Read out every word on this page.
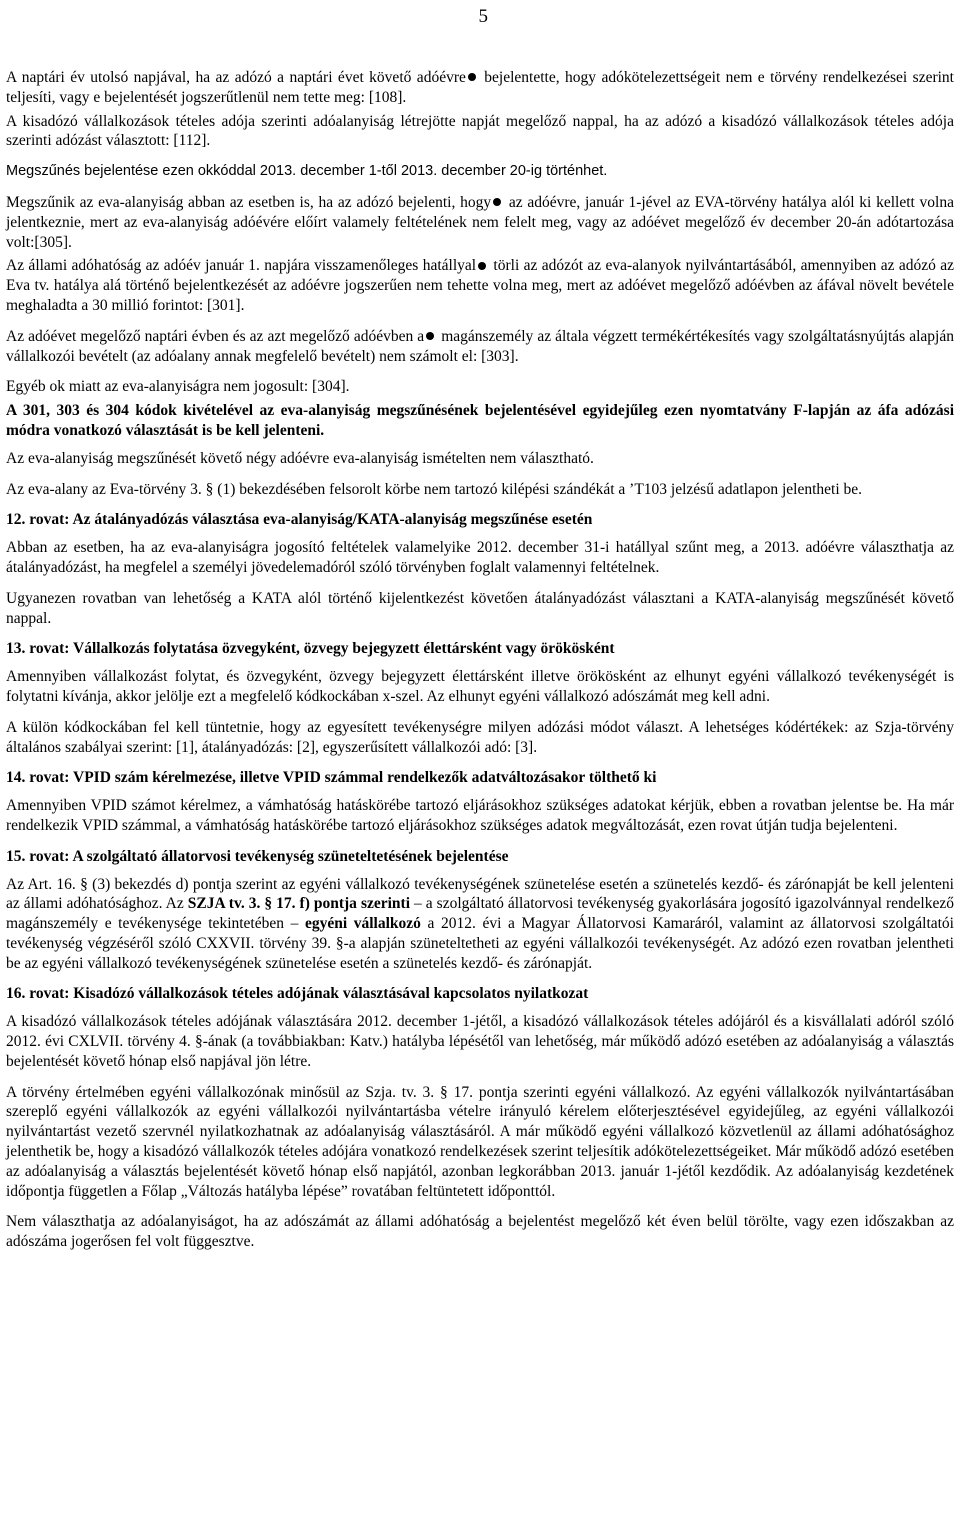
5

A naptári év utolsó napjával, ha az adózó a naptári évet követő adóévre bejelentette, hogy adókötelezettségeit nem e törvény rendelkezései szerint teljesíti, vagy e bejelentését jogszerűtlenül nem tette meg: [108].

A kisadózó vállalkozások tételes adója szerinti adóalanyiság létrejötte napját megelőző nappal, ha az adózó a kisadózó vállalkozások tételes adója szerinti adózást választott: [112].

Megszűnés bejelentése ezen okkóddal 2013. december 1-től 2013. december 20-ig történhet.

Megszűnik az eva-alanyiság abban az esetben is, ha az adózó bejelenti, hogy az adóévre, január 1-jével az EVA-törvény hatálya alól ki kellett volna jelentkeznie, mert az eva-alanyiság adóévére előírt valamely feltételének nem felelt meg, vagy az adóévet megelőző év december 20-án adótartozása volt:[305].

Az állami adóhatóság az adóév január 1. napjára visszamenőleges hatállyal törli az adózót az eva-alanyok nyilvántartásából, amennyiben az adózó az Eva tv. hatálya alá történő bejelentkezését az adóévre jogszerűen nem tehette volna meg, mert az adóévet megelőző adóévben az áfával növelt bevétele meghaladta a 30 millió forintot: [301].

Az adóévet megelőző naptári évben és az azt megelőző adóévben a magánszemély az általa végzett termékértékesítés vagy szolgáltatásnyújtás alapján vállalkozói bevételt (az adóalany annak megfelelő bevételt) nem számolt el: [303].

Egyéb ok miatt az eva-alanyiságra nem jogosult: [304].

A 301, 303 és 304 kódok kivételével az eva-alanyiság megszűnésének bejelentésével egyidejűleg ezen nyomtatvány F-lapján az áfa adózási módra vonatkozó választását is be kell jelenteni.

Az eva-alanyiság megszűnését követő négy adóévre eva-alanyiság ismételten nem választható.

Az eva-alany az Eva-törvény 3. § (1) bekezdésében felsorolt körbe nem tartozó kilépési szándékát a ’T103 jelzésű adatlapon jelentheti be.

12. rovat: Az átalányadózás választása eva-alanyiság/KATA-alanyiság megszűnése esetén

Abban az esetben, ha az eva-alanyiságra jogosító feltételek valamelyike 2012. december 31-i hatállyal szűnt meg, a 2013. adóévre választhatja az átalányadózást, ha megfelel a személyi jövedelemadóról szóló törvényben foglalt valamennyi feltételnek.

Ugyanezen rovatban van lehetőség a KATA alól történő kijelentkezést követően átalányadózást választani a KATA-alanyiság megszűnését követő nappal.

13. rovat: Vállalkozás folytatása özvegyként, özvegy bejegyzett élettársként vagy örökösként

Amennyiben vállalkozást folytat, és özvegyként, özvegy bejegyzett élettársként illetve örökösként az elhunyt egyéni vállalkozó tevékenységét is folytatni kívánja, akkor jelölje ezt a megfelelő kódkockában x-szel. Az elhunyt egyéni vállalkozó adószámát meg kell adni.

A külön kódkockában fel kell tüntetnie, hogy az egyesített tevékenységre milyen adózási módot választ. A lehetséges kódértékek: az Szja-törvény általános szabályai szerint: [1], átalányadózás: [2], egyszerűsített vállalkozói adó: [3].

14. rovat: VPID szám kérelmezése, illetve VPID számmal rendelkezők adatváltozásakor tölthető ki

Amennyiben VPID számot kérelmez, a vámhatóság hatáskörébe tartozó eljárásokhoz szükséges adatokat kérjük, ebben a rovatban jelentse be. Ha már rendelkezik VPID számmal, a vámhatóság hatáskörébe tartozó eljárásokhoz szükséges adatok megváltozását, ezen rovat útján tudja bejelenteni.

15. rovat: A szolgáltató állatorvosi tevékenység szüneteltetésének bejelentése

Az Art. 16. § (3) bekezdés d) pontja szerint az egyéni vállalkozó tevékenységének szünetelése esetén a szünetelés kezdő- és zárónapját be kell jelenteni az állami adóhatósághoz. Az SZJA tv. 3. § 17. f) pontja szerinti – a szolgáltató állatorvosi tevékenység gyakorlására jogosító igazolvánnyal rendelkező magánszemély e tevékenysége tekintetében – egyéni vállalkozó a 2012. évi a Magyar Állatorvosi Kamaráról, valamint az állatorvosi szolgáltatói tevékenység végzéséről szóló CXXVII. törvény 39. §-a alapján szüneteltetheti az egyéni vállalkozói tevékenységét. Az adózó ezen rovatban jelentheti be az egyéni vállalkozó tevékenységének szünetelése esetén a szünetelés kezdő- és zárónapját.

16. rovat: Kisadózó vállalkozások tételes adójának választásával kapcsolatos nyilatkozat

A kisadózó vállalkozások tételes adójának választására 2012. december 1-jétől, a kisadózó vállalkozások tételes adójáról és a kisvállalati adóról szóló 2012. évi CXLVII. törvény 4. §-ának (a továbbiakban: Katv.) hatályba lépésétől van lehetőség, már működő adózó esetében az adóalanyiság a választás bejelentését követő hónap első napjával jön létre.

A törvény értelmében egyéni vállalkozónak minősül az Szja. tv. 3. § 17. pontja szerinti egyéni vállalkozó. Az egyéni vállalkozók nyilvántartásában szereplő egyéni vállalkozók az egyéni vállalkozói nyilvántartásba vételre irányuló kérelem előterjesztésével egyidejűleg, az egyéni vállalkozói nyilvántartást vezető szervnél nyilatkozhatnak az adóalanyiság választásáról. A már működő egyéni vállalkozó közvetlenül az állami adóhatósághoz jelenthetik be, hogy a kisadózó vállalkozók tételes adójára vonatkozó rendelkezések szerint teljesítik adókötelezettségeiket. Már működő adózó esetében az adóalanyiság a választás bejelentését követő hónap első napjától, azonban legkorábban 2013. január 1-jétől kezdődik. Az adóalanyiság kezdetének időpontja független a Főlap „Változás hatályba lépése” rovatában feltüntetett időponttól.

Nem választhatja az adóalanyiságot, ha az adószámát az állami adóhatóság a bejelentést megelőző két éven belül törölte, vagy ezen időszakban az adószáma jogerősen fel volt függesztve.
